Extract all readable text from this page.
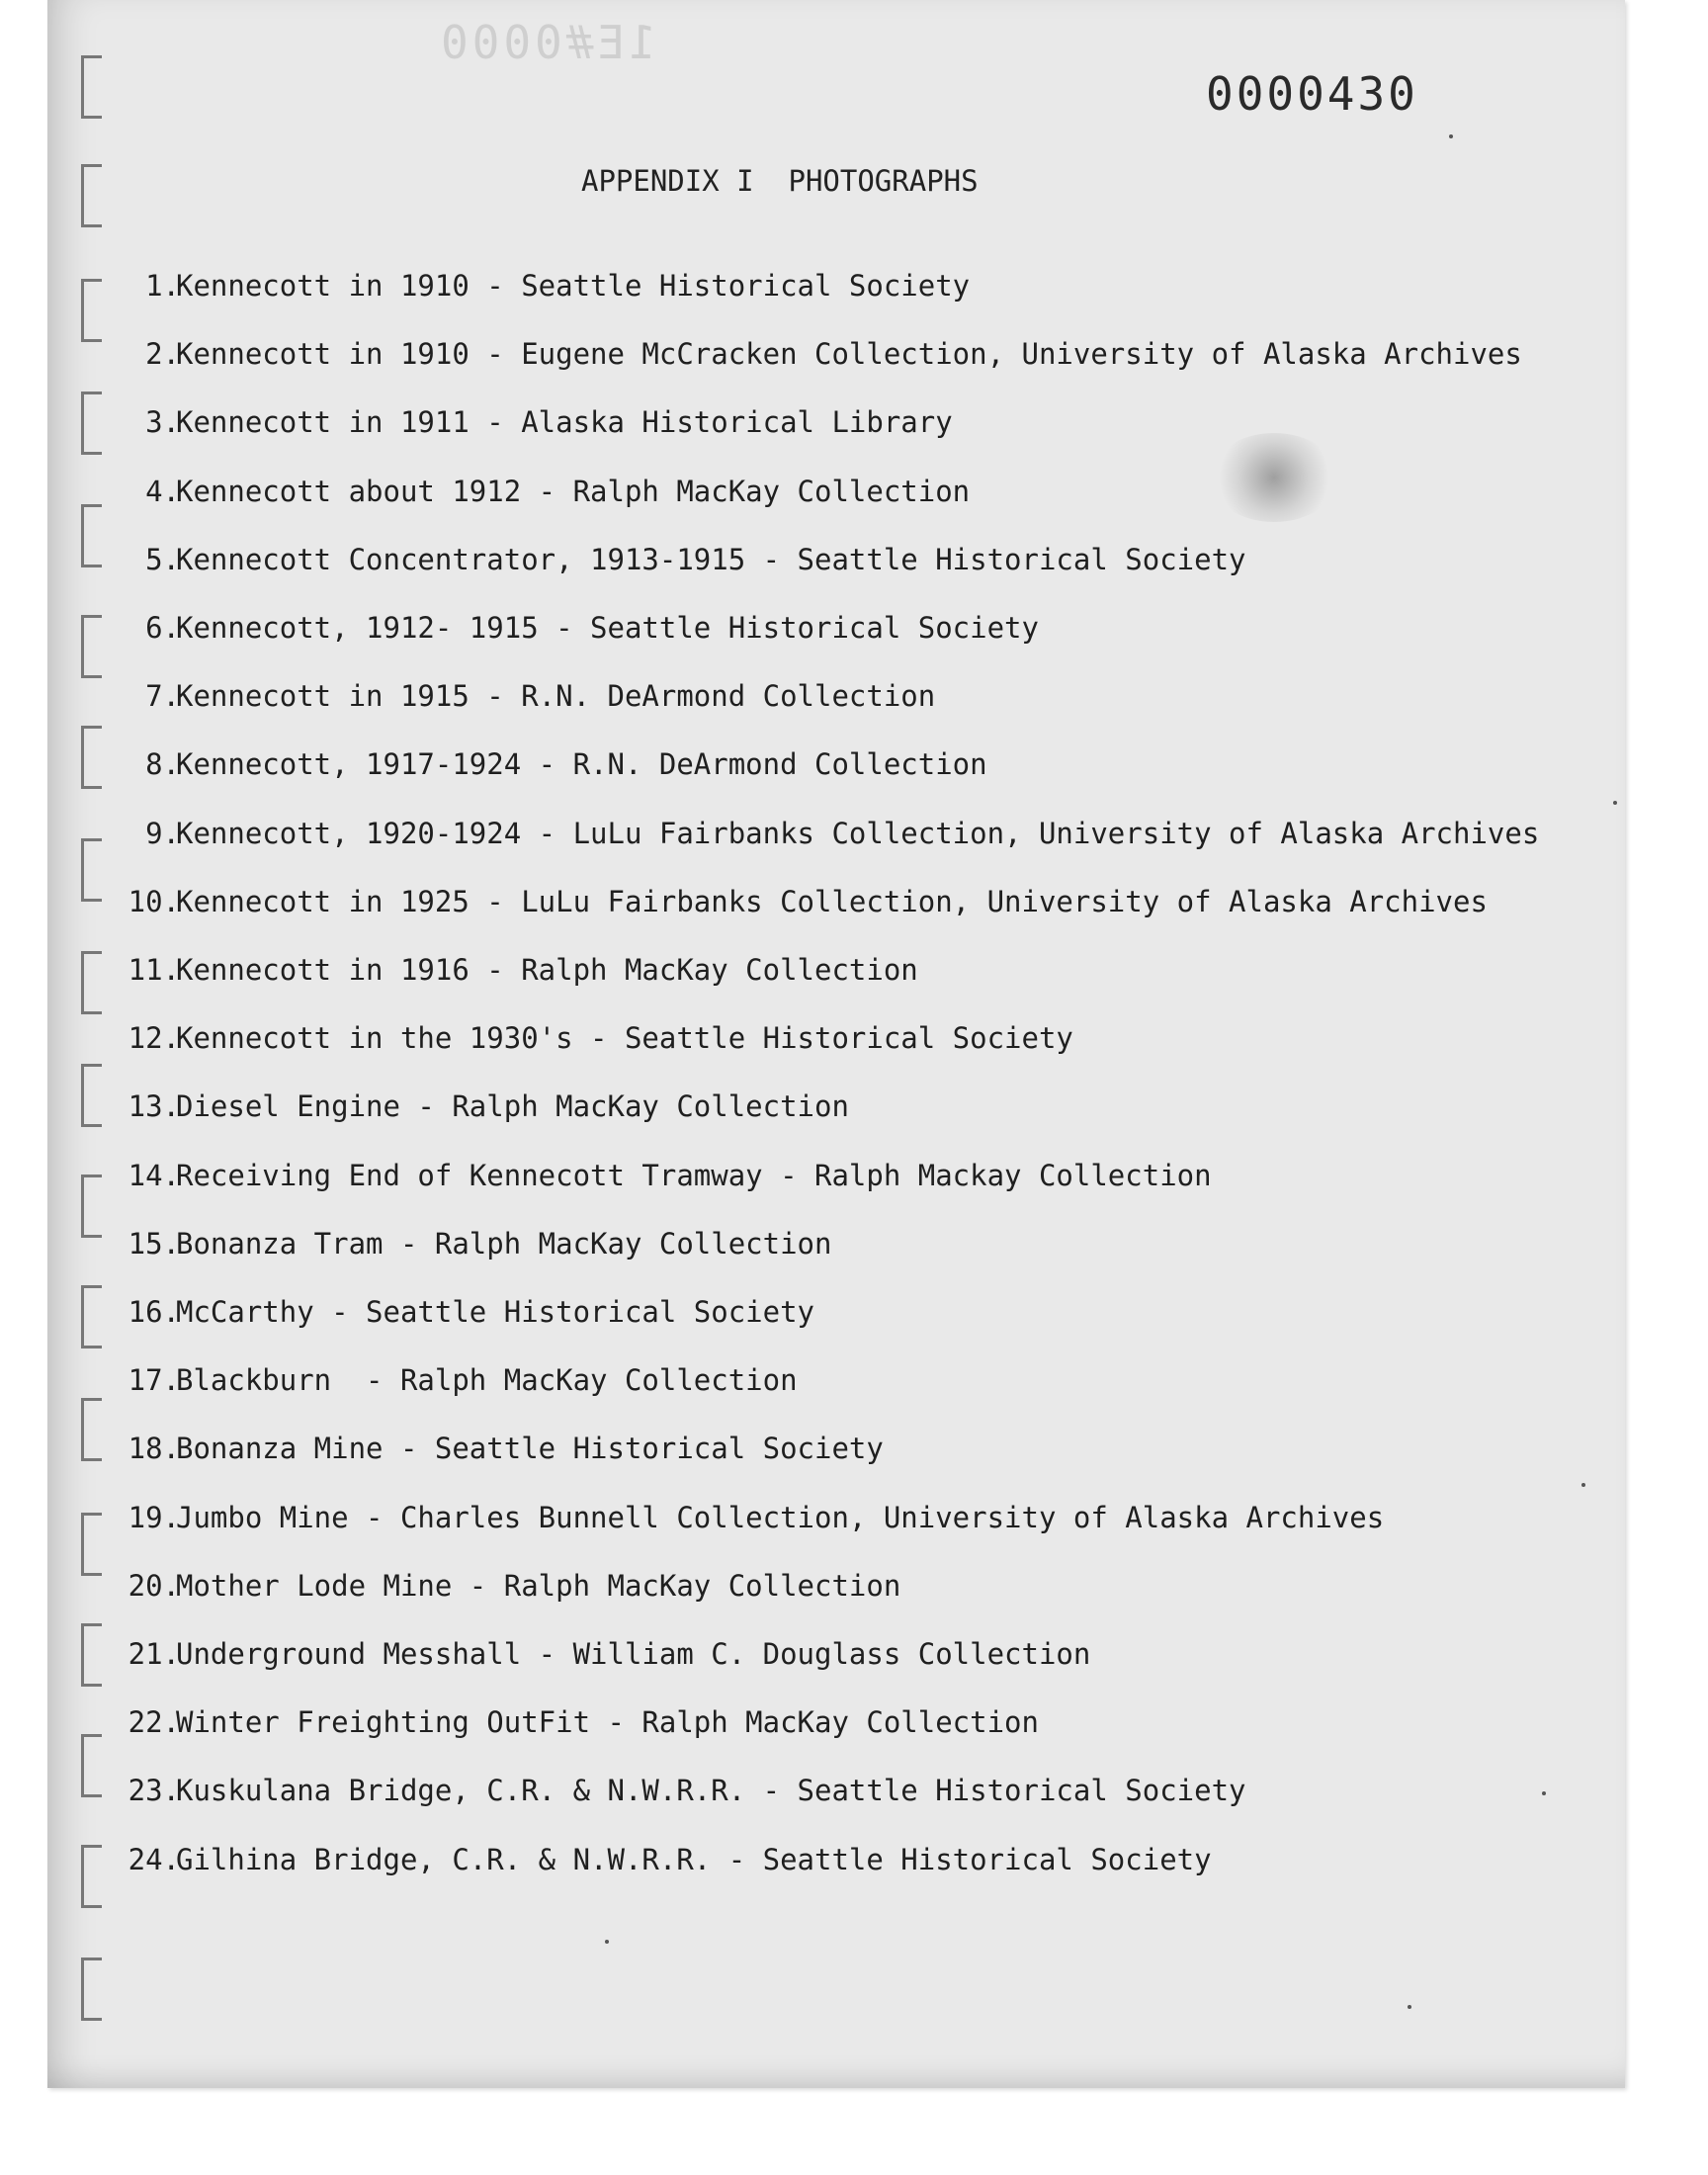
1E#0000
0000430
APPENDIX I  PHOTOGRAPHS
1.
Kennecott in 1910 - Seattle Historical Society
2.
Kennecott in 1910 - Eugene McCracken Collection, University of Alaska Archives
3.
Kennecott in 1911 - Alaska Historical Library
4.
Kennecott about 1912 - Ralph MacKay Collection
5.
Kennecott Concentrator, 1913-1915 - Seattle Historical Society
6.
Kennecott, 1912- 1915 - Seattle Historical Society
7.
Kennecott in 1915 - R.N. DeArmond Collection
8.
Kennecott, 1917-1924 - R.N. DeArmond Collection
9.
Kennecott, 1920-1924 - LuLu Fairbanks Collection, University of Alaska Archives
10.
Kennecott in 1925 - LuLu Fairbanks Collection, University of Alaska Archives
11.
Kennecott in 1916 - Ralph MacKay Collection
12.
Kennecott in the 1930's - Seattle Historical Society
13.
Diesel Engine - Ralph MacKay Collection
14.
Receiving End of Kennecott Tramway - Ralph Mackay Collection
15.
Bonanza Tram - Ralph MacKay Collection
16.
McCarthy - Seattle Historical Society
17.
Blackburn  - Ralph MacKay Collection
18.
Bonanza Mine - Seattle Historical Society
19.
Jumbo Mine - Charles Bunnell Collection, University of Alaska Archives
20.
Mother Lode Mine - Ralph MacKay Collection
21.
Underground Messhall - William C. Douglass Collection
22.
Winter Freighting OutFit - Ralph MacKay Collection
23.
Kuskulana Bridge, C.R. & N.W.R.R. - Seattle Historical Society
24.
Gilhina Bridge, C.R. & N.W.R.R. - Seattle Historical Society
